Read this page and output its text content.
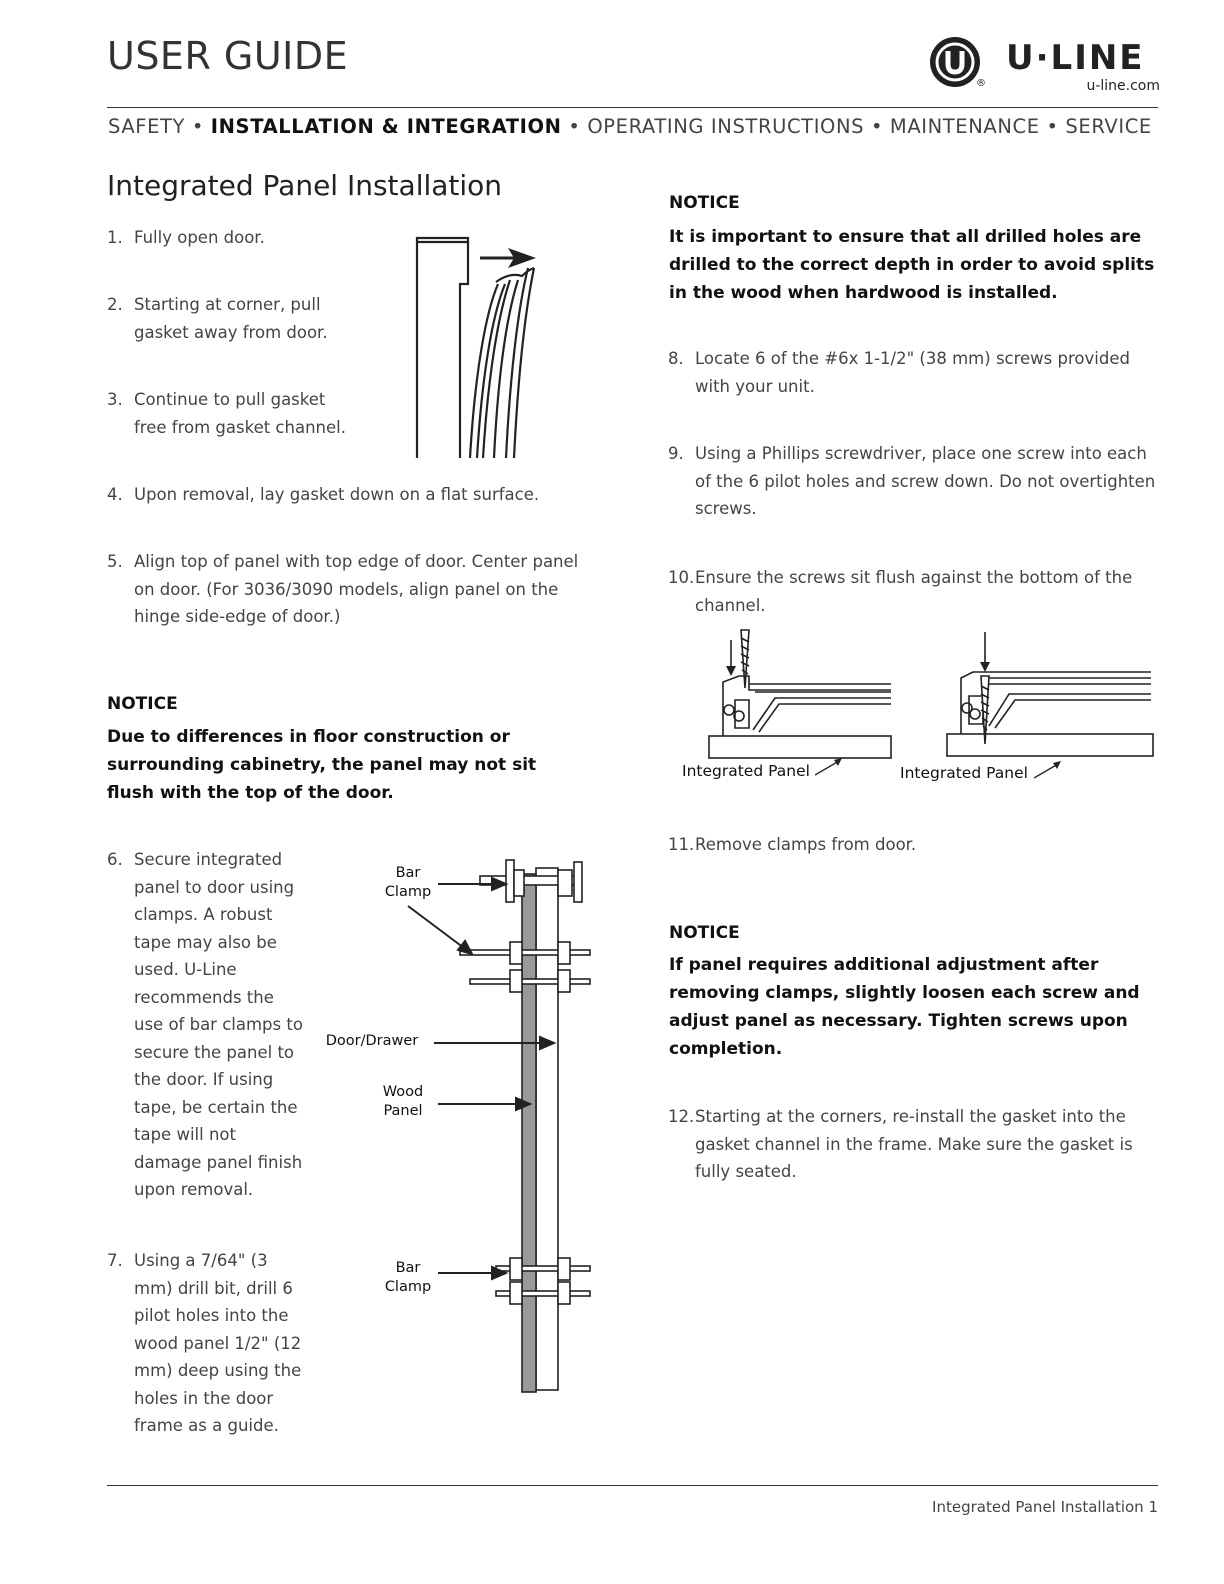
USER GUIDE
®
U·LINE
u-line.com
SAFETY • INSTALLATION & INTEGRATION • OPERATING INSTRUCTIONS • MAINTENANCE • SERVICE
Integrated Panel Installation
1. Fully open door.
2. Starting at corner, pull gasket away from door.
3. Continue to pull gasket free from gasket channel.
4. Upon removal, lay gasket down on a flat surface.
5. Align top of panel with top edge of door. Center panel on door. (For 3036/3090 models, align panel on the hinge side-edge of door.)
NOTICE
Due to differences in floor construction or surrounding cabinetry, the panel may not sit flush with the top of the door.
6. Secure integrated panel to door using clamps. A robust tape may also be used. U-Line recommends the use of bar clamps to secure the panel to the door. If using tape, be certain the tape will not damage panel finish upon removal.
7. Using a 7/64" (3 mm) drill bit, drill 6 pilot holes into the wood panel 1/2" (12 mm) deep using the holes in the door frame as a guide.
Bar
Clamp
Door/Drawer
Wood
Panel
Bar
Clamp
NOTICE
It is important to ensure that all drilled holes are drilled to the correct depth in order to avoid splits in the wood when hardwood is installed.
8. Locate 6 of the #6x 1-1/2" (38 mm) screws provided with your unit.
9. Using a Phillips screwdriver, place one screw into each of the 6 pilot holes and screw down. Do not overtighten screws.
10. Ensure the screws sit flush against the bottom of the channel.
Integrated Panel	Integrated Panel
11. Remove clamps from door.
NOTICE
If panel requires additional adjustment after removing clamps, slightly loosen each screw and adjust panel as necessary. Tighten screws upon completion.
12. Starting at the corners, re-install the gasket into the gasket channel in the frame. Make sure the gasket is fully seated.
Integrated Panel Installation 1
